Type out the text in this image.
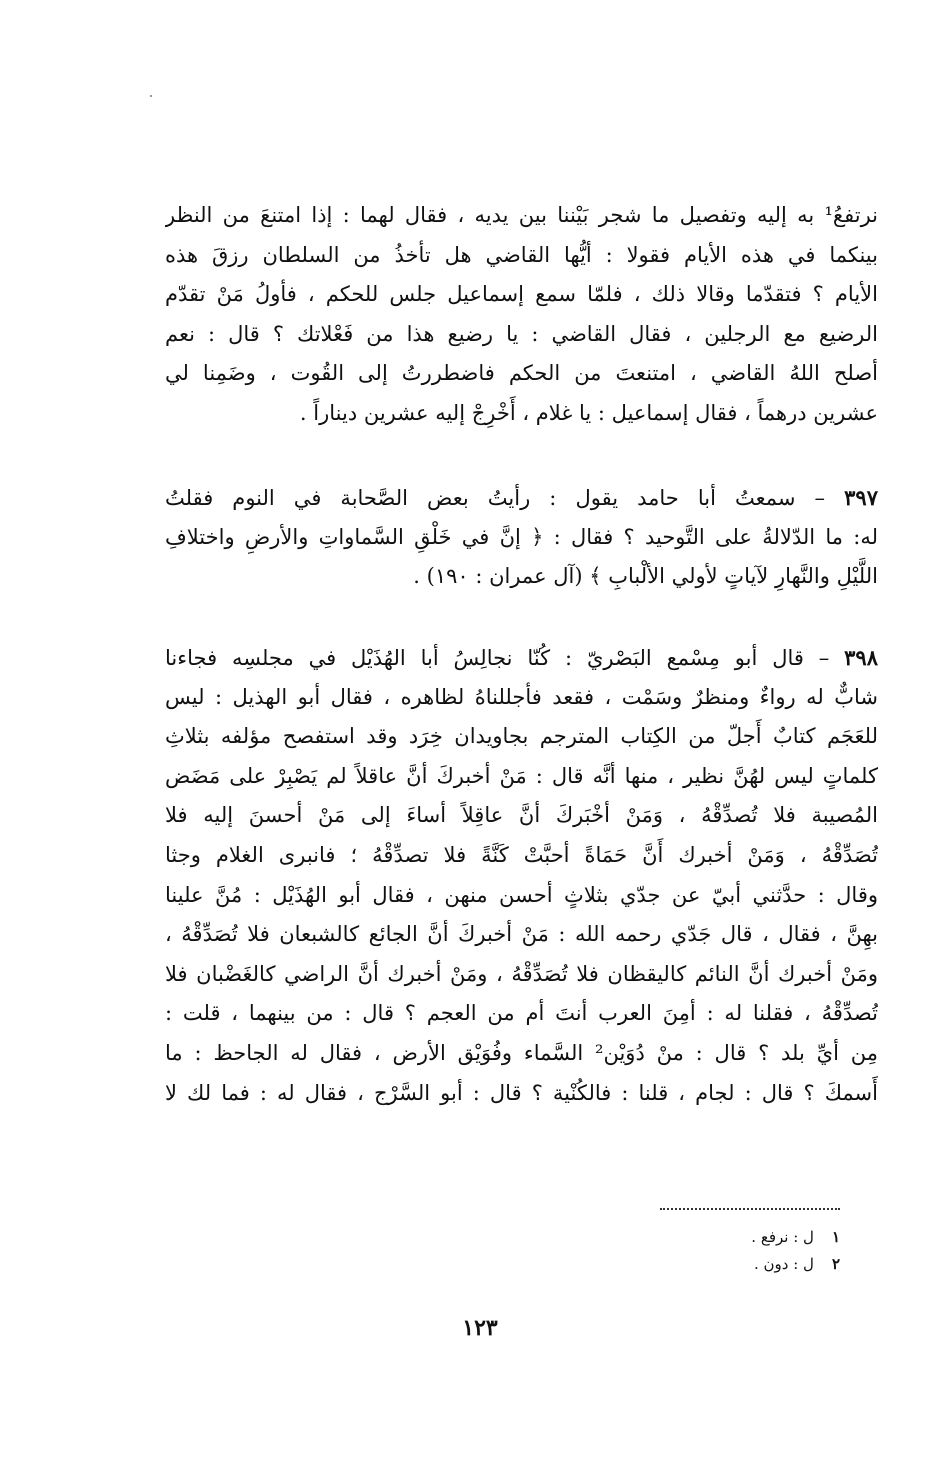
نرتفعُ¹ به إليه وتفصيل ما شجر بَيْننا بين يديه ، فقال لهما : إذا امتنعَ من النظر
بينكما في هذه الأيام فقولا : أيُّها القاضي هل تأخذُ من السلطان رزقَ هذه
الأيام ؟ فتقدّما وقالا ذلك ، فلمّا سمع إسماعيل جلس للحكم ، فأولُ مَنْ تقدّم
الرضيع مع الرجلين ، فقال القاضي : يا رضيع هذا من فَعْلاتك ؟ قال : نعم
أصلح اللهُ القاضي ، امتنعتَ من الحكم فاضطررتُ إلى القُوت ، وضَمِنا لي
عشرين درهماً ، فقال إسماعيل : يا غلام ، أَخْرِجْ إليه عشرين ديناراً .
٣٩٧ – سمعتُ أبا حامد يقول : رأيتُ بعض الصَّحابة في النوم فقلتُ
له: ما الدّلالةُ على التَّوحيد ؟ فقال : ﴿ إنَّ في خَلْقِ السَّماواتِ والأرضِ واختلافِ
اللَّيْلِ والنَّهارِ لآياتٍ لأولي الألْبابِ ﴾ (آل عمران : ١٩٠) .
٣٩٨ – قال أبو مِسْمع البَصْريّ : كُنّا نجالِسُ أبا الهُذَيْل في مجلسِه فجاءنا
شابٌّ له رواءٌ ومنظرٌ وسَمْت ، فقعد فأجللناهُ لظاهره ، فقال أبو الهذيل : ليس
للعَجَم كتابٌ أَجلّ من الكِتاب المترجم بجاويدان خِرَد وقد استفصح مؤلفه بثلاثِ
كلماتٍ ليس لهُنَّ نظير ، منها أنَّه قال : مَنْ أخبركَ أنَّ عاقلاً لم يَصْبِرْ على مَضَض
المُصيبة فلا تُصدِّقْهُ ، وَمَنْ أخْبَركَ أنَّ عاقِلاً أساءَ إلى مَنْ أحسنَ إليه فلا
تُصَدِّقْهُ ، وَمَنْ أخبرك أَنَّ حَمَاةً أحبَّتْ كَنَّةً فلا تصدِّقْهُ ؛ فانبرى الغلام وجثا
وقال : حدَّثني أبيّ عن جدّي بثلاثٍ أحسن منهن ، فقال أبو الهُذَيْل : مُنَّ علينا
بهِنَّ ، فقال ، قال جَدّي رحمه الله : مَنْ أخبركَ أنَّ الجائع كالشبعان فلا تُصَدِّقْهُ ،
ومَنْ أخبرك أنَّ النائم كاليقظان فلا تُصَدِّقْهُ ، ومَنْ أخبرك أنَّ الراضي كالغَضْبان فلا
تُصدِّقْهُ ، فقلنا له : أمِنَ العرب أنتَ أم من العجم ؟ قال : من بينهما ، قلت :
مِن أيِّ بلد ؟ قال : منْ دُوَيْن² السَّماء وفُوَيْق الأرض ، فقال له الجاحظ : ما
أَسمكَ ؟ قال : لجام ، قلنا : فالكُنْية ؟ قال : أبو السَّرْج ، فقال له : فما لك لا
١ل : نرفع .
٢ل : دون .
١٢٣
